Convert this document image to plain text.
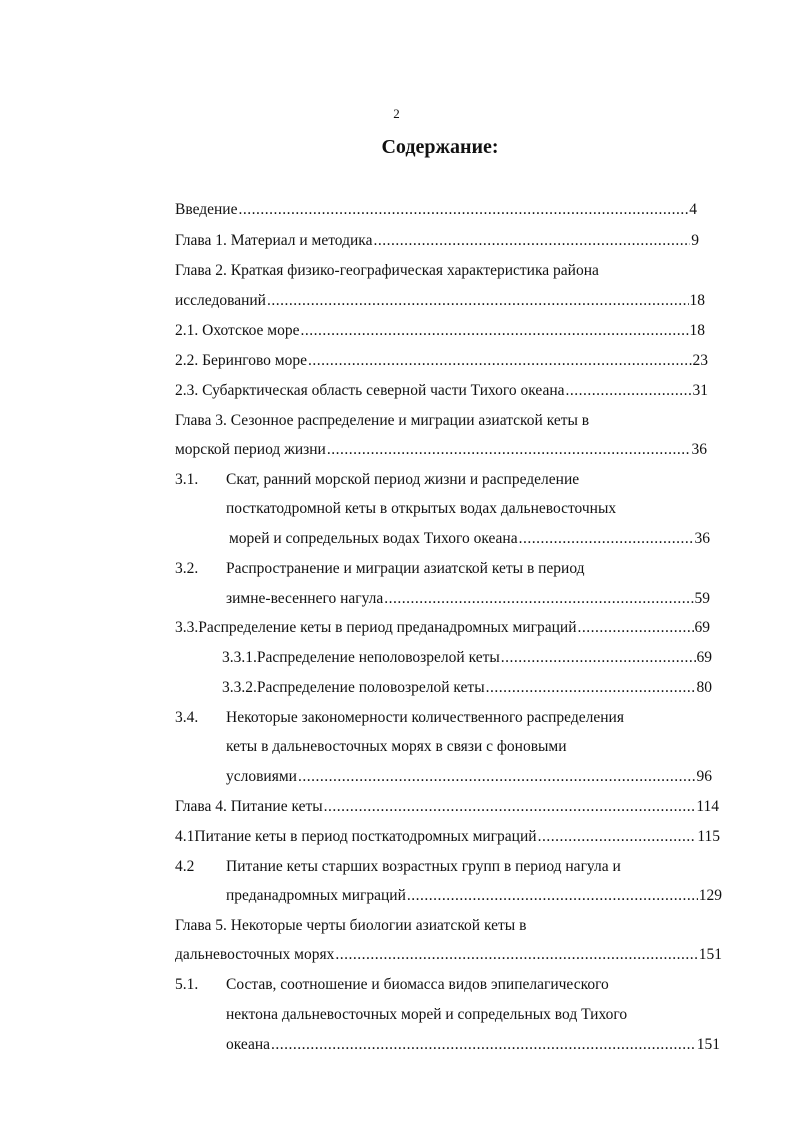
2
Содержание:
Введение .....	4
Глава 1. Материал и методика .....	9
Глава 2. Краткая физико-географическая характеристика района
исследований .....	18
2.1. Охотское море .....	18
2.2. Берингово море .....	23
2.3. Субарктическая область северной части Тихого океана .....	31
Глава 3. Сезонное распределение и миграции азиатской кеты в
морской период жизни .....	36
3.1.	Скат, ранний морской период жизни и распределение
посткатодромной кеты в открытых водах дальневосточных
морей и сопредельных водах Тихого океана .....	36
3.2.	Распространение и миграции азиатской кеты в период
зимне-весеннего нагула .....	59
3.3. Распределение кеты в период преданадромных миграций .....	69
3.3.1. Распределение неполовозрелой кеты .....	69
3.3.2. Распределение половозрелой кеты .....	80
3.4.	Некоторые закономерности количественного распределения
кеты в дальневосточных морях в связи с фоновыми
условиями .....	96
Глава 4. Питание кеты .....	114
4.1 Питание кеты в период посткатодромных миграций .....	115
4.2	Питание кеты старших возрастных групп в период нагула и
преданадромных миграций .....	129
Глава 5. Некоторые черты биологии азиатской кеты в
дальневосточных морях .....	151
5.1.	Состав, соотношение и биомасса видов эпипелагического
нектона дальневосточных морей и сопредельных вод Тихого
океана .....	151
